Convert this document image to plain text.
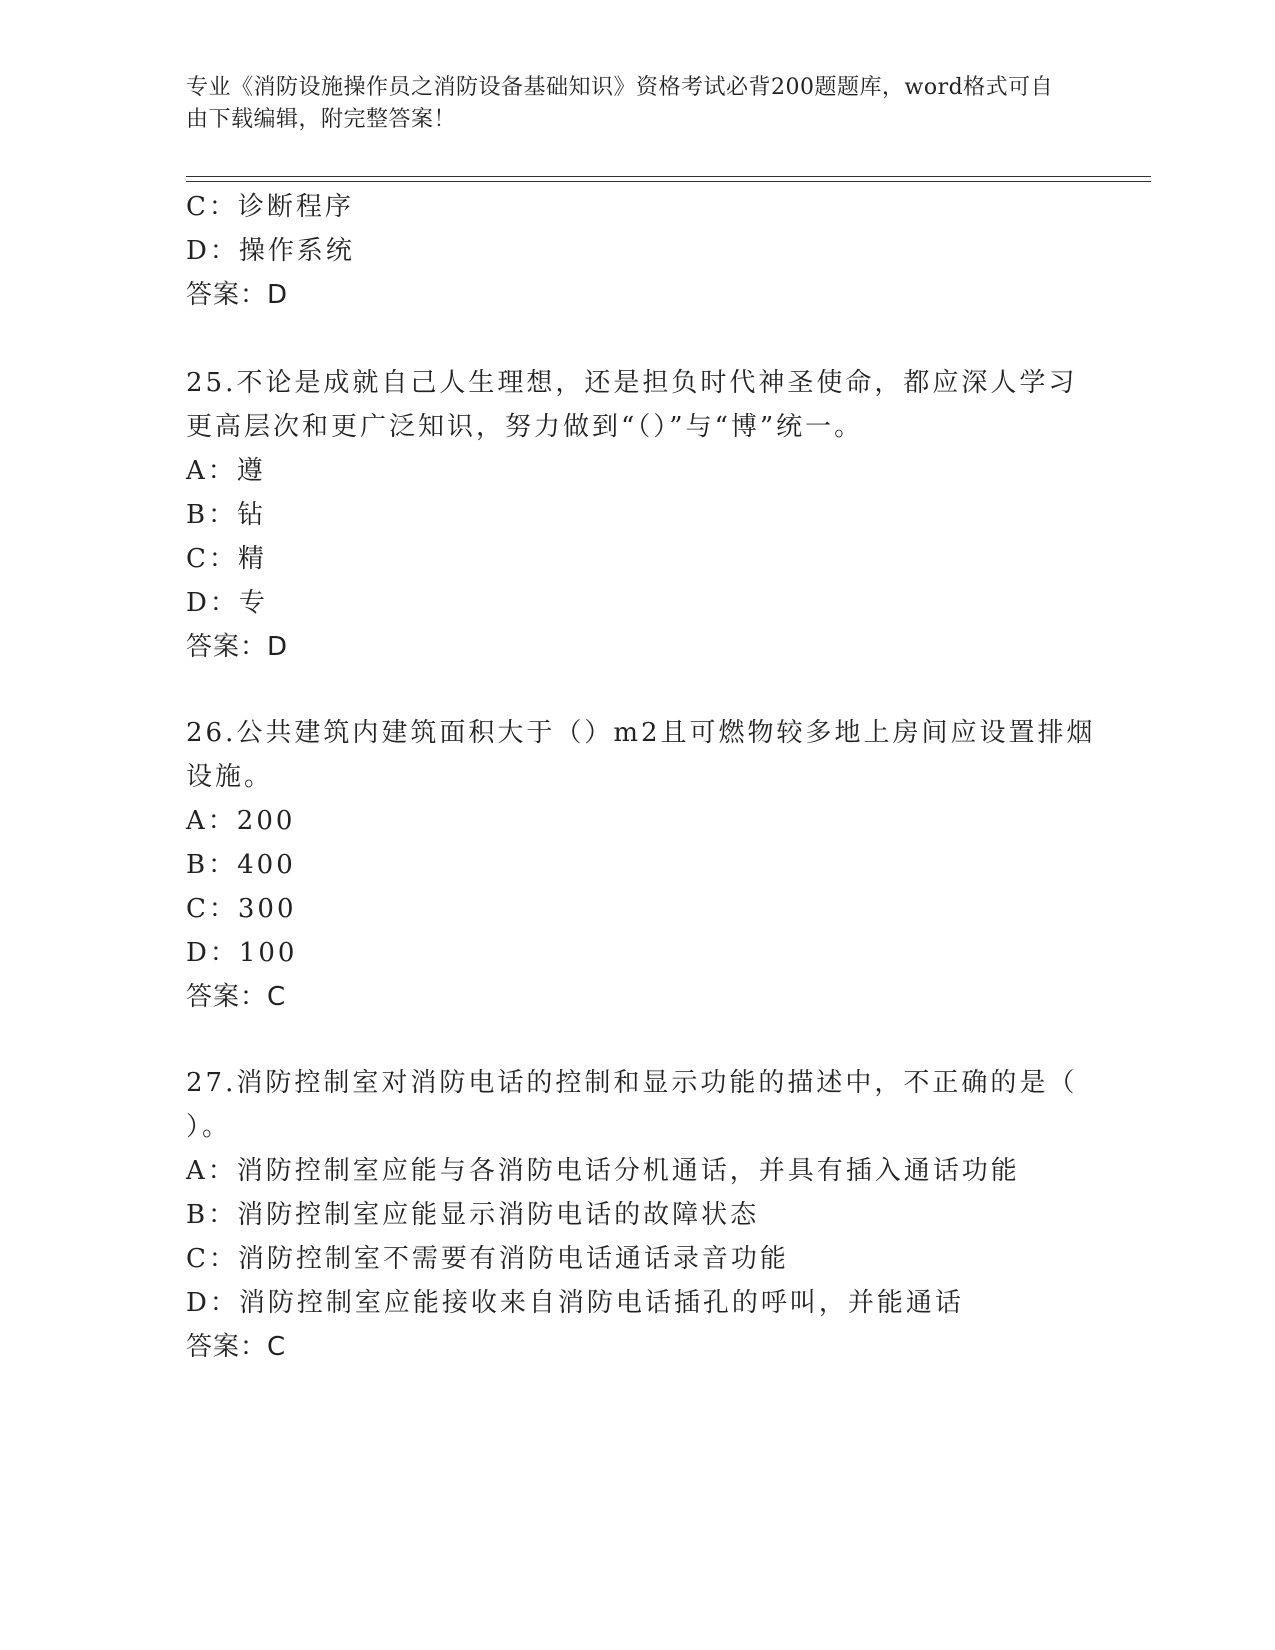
专业《消防设施操作员之消防设备基础知识》资格考试必背200题题库，word格式可自由下载编辑，附完整答案！
C：诊断程序
D：操作系统
答案：D
25.不论是成就自己人生理想，还是担负时代神圣使命，都应深人学习
更高层次和更广泛知识，努力做到“（）”与“博”统一。
A：遵
B：钻
C：精
D：专
答案：D
26.公共建筑内建筑面积大于（）m2且可燃物较多地上房间应设置排烟
设施。
A：200
B：400
C：300
D：100
答案：C
27.消防控制室对消防电话的控制和显示功能的描述中，不正确的是（
）。
A：消防控制室应能与各消防电话分机通话，并具有插入通话功能
B：消防控制室应能显示消防电话的故障状态
C：消防控制室不需要有消防电话通话录音功能
D：消防控制室应能接收来自消防电话插孔的呼叫，并能通话
答案：C
